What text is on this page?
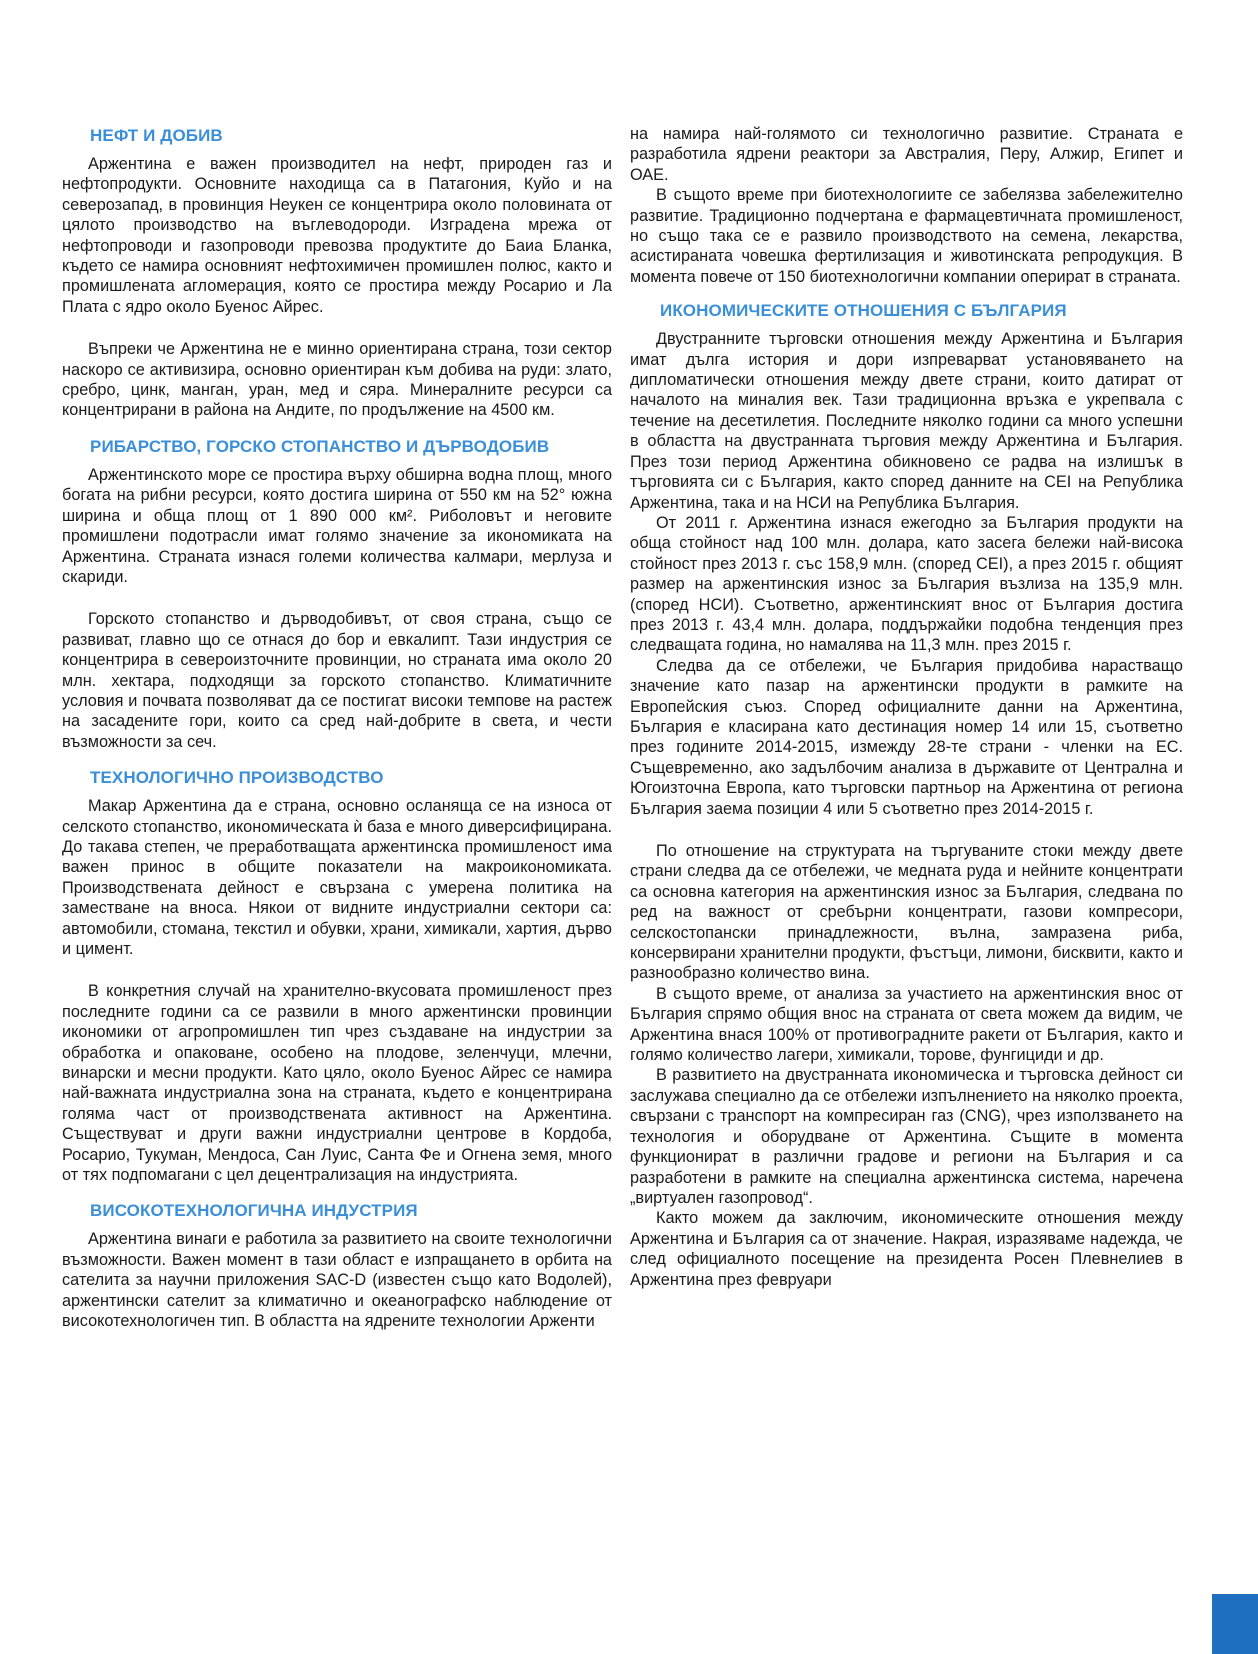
НЕФТ И ДОБИВ

Аржентина е важен производител на нефт, природен газ и нефтопродукти. Основните находища са в Патагония, Куйо и на северозапад, в провинция Неукен се концентрира около половината от цялото производство на въглеводороди. Изградена мрежа от нефтопроводи и газопроводи превозва продуктите до Баиа Бланка, където се намира основният нефтохимичен промишлен полюс, както и промишлената агломерация, която се простира между Росарио и Ла Плата с ядро около Буенос Айрес.

Въпреки че Аржентина не е минно ориентирана страна, този сектор наскоро се активизира, основно ориентиран към добива на руди: злато, сребро, цинк, манган, уран, мед и сяра. Минералните ресурси са концентрирани в района на Андите, по продължение на 4500 км.

РИБАРСТВО, ГОРСКО СТОПАНСТВО И ДЪРВОДОБИВ

Аржентинското море се простира върху обширна водна площ, много богата на рибни ресурси, която достига ширина от 550 км на 52° южна ширина и обща площ от 1 890 000 км². Риболовът и неговите промишлени подотрасли имат голямо значение за икономиката на Аржентина. Страната изнася големи количества калмари, мерлуза и скариди.

Горското стопанство и дърводобивът, от своя страна, също се развиват, главно що се отнася до бор и евкалипт. Тази индустрия се концентрира в североизточните провинции, но страната има около 20 млн. хектара, подходящи за горското стопанство. Климатичните условия и почвата позволяват да се постигат високи темпове на растеж на засадените гори, които са сред най-добрите в света, и чести възможности за сеч.

ТЕХНОЛОГИЧНО ПРОИЗВОДСТВО

Макар Аржентина да е страна, основно осланяща се на износа от селското стопанство, икономическата ѝ база е много диверсифицирана. До такава степен, че преработващата аржентинска промишленост има важен принос в общите показатели на макроикономиката. Производствената дейност е свързана с умерена политика на заместване на вноса. Някои от видните индустриални сектори са: автомобили, стомана, текстил и обувки, храни, химикали, хартия, дърво и цимент.

В конкретния случай на хранително-вкусовата промишленост през последните години са се развили в много аржентински провинции икономики от агропромишлен тип чрез създаване на индустрии за обработка и опаковане, особено на плодове, зеленчуци, млечни, винарски и месни продукти. Като цяло, около Буенос Айрес се намира най-важната индустриална зона на страната, където е концентрирана голяма част от производствената активност на Аржентина. Съществуват и други важни индустриални центрове в Кордоба, Росарио, Тукуман, Мендоса, Сан Луис, Санта Фе и Огнена земя, много от тях подпомагани с цел децентрализация на индустрията.

ВИСОКОТЕХНОЛОГИЧНА ИНДУСТРИЯ

Аржентина винаги е работила за развитието на своите технологични възможности. Важен момент в тази област е изпращането в орбита на сателита за научни приложения SAC-D (известен също като Водолей), аржентински сателит за климатично и океанографско наблюдение от високотехнологичен тип. В областта на ядрените технологии Арженти

на намира най-голямото си технологично развитие. Страната е разработила ядрени реактори за Австралия, Перу, Алжир, Египет и ОАЕ.

В същото време при биотехнологиите се забелязва забележително развитие. Традиционно подчертана е фармацевтичната промишленост, но също така се е развило производството на семена, лекарства, асистираната човешка фертилизация и животинската репродукция. В момента повече от 150 биотехнологични компании оперират в страната.

ИКОНОМИЧЕСКИТЕ ОТНОШЕНИЯ С БЪЛГАРИЯ

Двустранните търговски отношения между Аржентина и България имат дълга история и дори изпреварват установяването на дипломатически отношения между двете страни, които датират от началото на миналия век. Тази традиционна връзка е укрепвала с течение на десетилетия. Последните няколко години са много успешни в областта на двустранната търговия между Аржентина и България. През този период Аржентина обикновено се радва на излишък в търговията си с България, както според данните на CEI на Република Аржентина, така и на НСИ на Република България.

От 2011 г. Аржентина изнася ежегодно за България продукти на обща стойност над 100 млн. долара, като засега бележи най-висока стойност през 2013 г. със 158,9 млн. (според CEI), а през 2015 г. общият размер на аржентинския износ за България възлиза на 135,9 млн. (според НСИ). Съответно, аржентинският внос от България достига през 2013 г. 43,4 млн. долара, поддържайки подобна тенденция през следващата година, но намалява на 11,3 млн. през 2015 г.

Следва да се отбележи, че България придобива нарастващо значение като пазар на аржентински продукти в рамките на Европейския съюз. Според официалните данни на Аржентина, България е класирана като дестинация номер 14 или 15, съответно през годините 2014-2015, измежду 28-те страни - членки на ЕС. Същевременно, ако задълбочим анализа в държавите от Централна и Югоизточна Европа, като търговски партньор на Аржентина от региона България заема позиции 4 или 5 съответно през 2014-2015 г.

По отношение на структурата на търгуваните стоки между двете страни следва да се отбележи, че медната руда и нейните концентрати са основна категория на аржентинския износ за България, следвана по ред на важност от сребърни концентрати, газови компресори, селскостопански принадлежности, вълна, замразена риба, консервирани хранителни продукти, фъстъци, лимони, бисквити, както и разнообразно количество вина.

В същото време, от анализа за участието на аржентинския внос от България спрямо общия внос на страната от света можем да видим, че Аржентина внася 100% от противоградните ракети от България, както и голямо количество лагери, химикали, торове, фунгициди и др.

В развитието на двустранната икономическа и търговска дейност си заслужава специално да се отбележи изпълнението на няколко проекта, свързани с транспорт на компресиран газ (CNG), чрез използването на технология и оборудване от Аржентина. Същите в момента функционират в различни градове и региони на България и са разработени в рамките на специална аржентинска система, наречена „виртуален газопровод“.

Както можем да заключим, икономическите отношения между Аржентина и България са от значение. Накрая, изразяваме надежда, че след официалното посещение на президента Росен Плевнелиев в Аржентина през февруари
